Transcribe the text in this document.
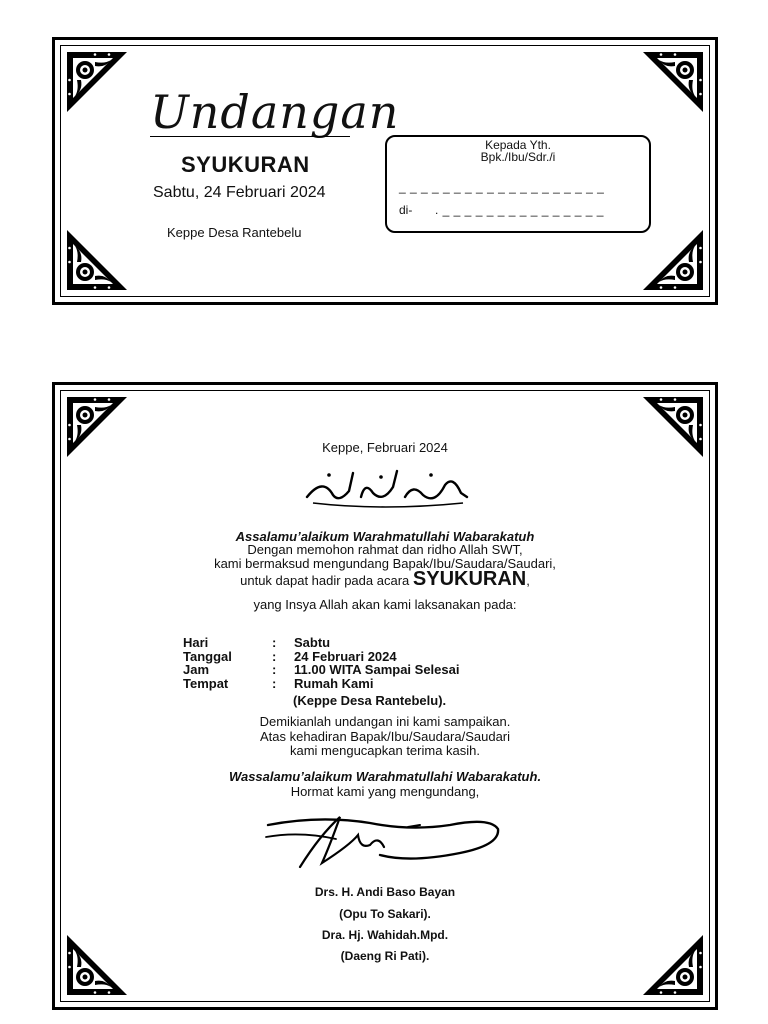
Undangan
SYUKURAN
Sabtu, 24 Februari 2024
Keppe Desa Rantebelu
Kepada Yth.
Bpk./Ibu/Sdr./i
_ _ _ _ _ _ _ _ _ _ _ _ _ _ _ _ _ _ _
di- . _ _ _ _ _ _ _ _ _ _ _ _ _ _ _
Keppe, Februari 2024
Assalamu’alaikum Warahmatullahi Wabarakatuh
Dengan memohon rahmat dan ridho Allah SWT,
kami bermaksud mengundang Bapak/Ibu/Saudara/Saudari,
untuk dapat hadir pada acara SYUKURAN,
yang Insya Allah akan kami laksanakan pada:
Hari	:	Sabtu
Tanggal	:	24 Februari 2024
Jam	:	11.00 WITA Sampai Selesai
Tempat	:	Rumah Kami
(Keppe Desa Rantebelu).
Demikianlah undangan ini kami sampaikan.
Atas kehadiran Bapak/Ibu/Saudara/Saudari
kami mengucapkan terima kasih.
Wassalamu’alaikum Warahmatullahi Wabarakatuh.
Hormat kami yang mengundang,
Drs. H. Andi Baso Bayan
(Opu To Sakari).
Dra. Hj. Wahidah.Mpd.
(Daeng Ri Pati).
